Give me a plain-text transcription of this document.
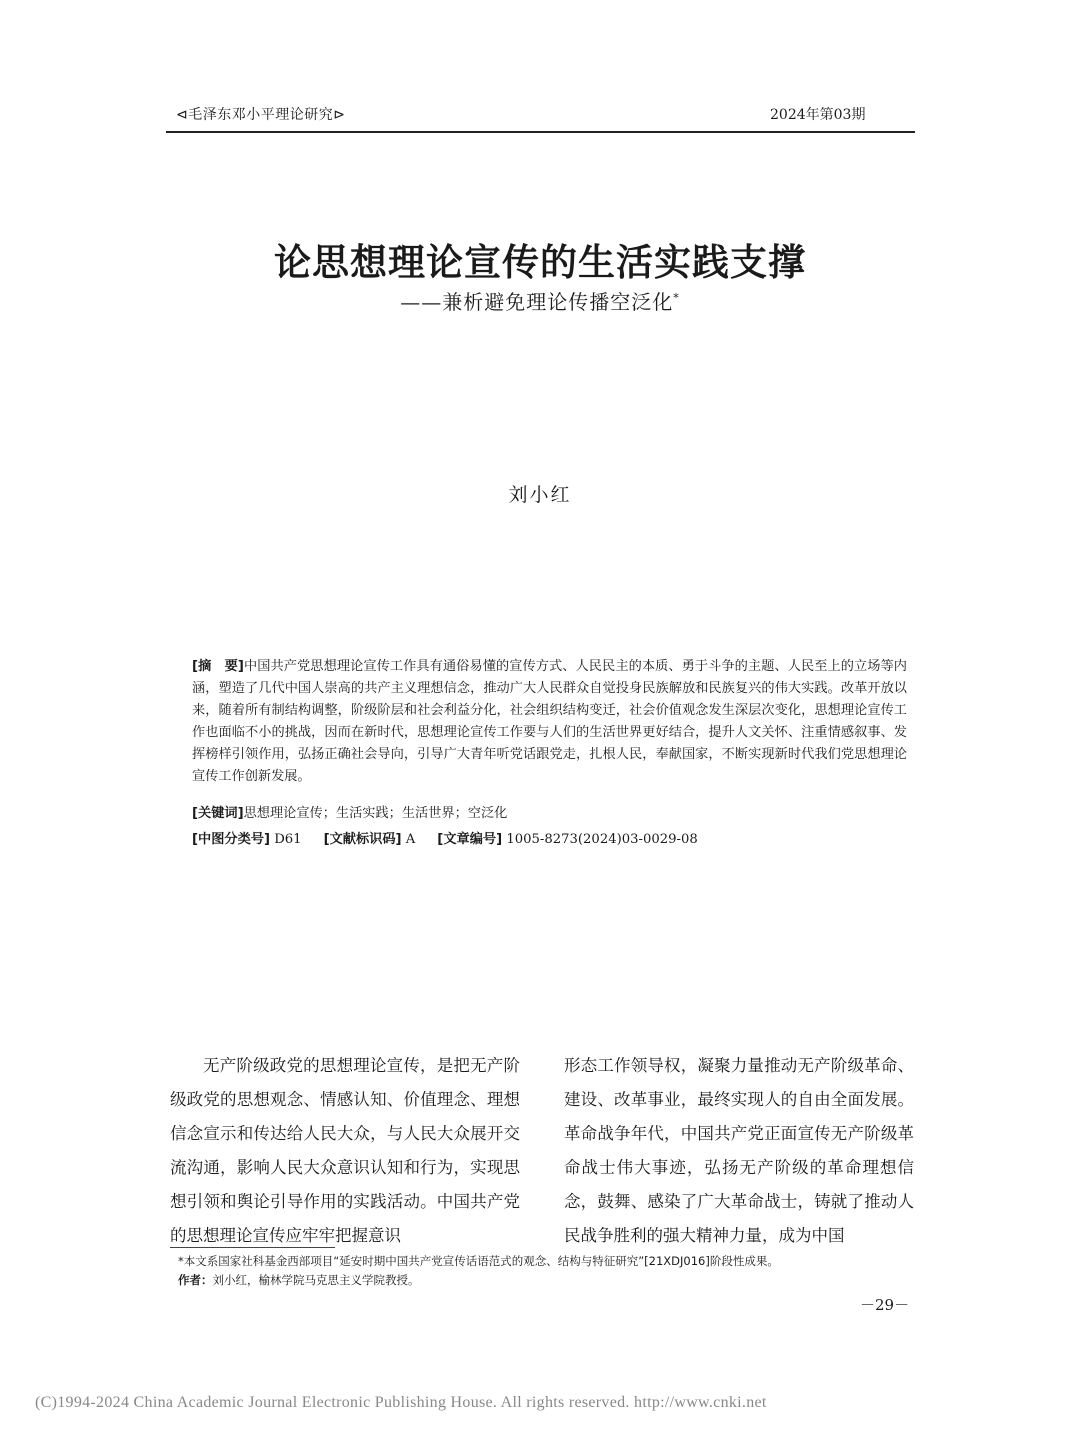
⊲毛泽东邓小平理论研究⊳	2024年第03期
论思想理论宣传的生活实践支撑
——兼析避免理论传播空泛化*
刘小红
[摘　要]中国共产党思想理论宣传工作具有通俗易懂的宣传方式、人民民主的本质、勇于斗争的主题、人民至上的立场等内涵，塑造了几代中国人崇高的共产主义理想信念，推动广大人民群众自觉投身民族解放和民族复兴的伟大实践。改革开放以来，随着所有制结构调整，阶级阶层和社会利益分化，社会组织结构变迁，社会价值观念发生深层次变化，思想理论宣传工作也面临不小的挑战，因而在新时代，思想理论宣传工作要与人们的生活世界更好结合，提升人文关怀、注重情感叙事、发挥榜样引领作用，弘扬正确社会导向，引导广大青年听党话跟党走，扎根人民，奉献国家，不断实现新时代我们党思想理论宣传工作创新发展。
[关键词]思想理论宣传；生活实践；生活世界；空泛化
[中图分类号] D61 [文献标识码] A [文章编号] 1005-8273(2024)03-0029-08
无产阶级政党的思想理论宣传，是把无产阶级政党的思想观念、情感认知、价值理念、理想信念宣示和传达给人民大众，与人民大众展开交流沟通，影响人民大众意识认知和行为，实现思想引领和舆论引导作用的实践活动。中国共产党的思想理论宣传应牢牢把握意识
形态工作领导权，凝聚力量推动无产阶级革命、建设、改革事业，最终实现人的自由全面发展。革命战争年代，中国共产党正面宣传无产阶级革命战士伟大事迹，弘扬无产阶级的革命理想信念，鼓舞、感染了广大革命战士，铸就了推动人民战争胜利的强大精神力量，成为中国
*本文系国家社科基金西部项目“延安时期中国共产党宣传话语范式的观念、结构与特征研究”[21XDJ016]阶段性成果。
作者：刘小红，榆林学院马克思主义学院教授。
－29－
(C)1994-2024 China Academic Journal Electronic Publishing House. All rights reserved. http://www.cnki.net
